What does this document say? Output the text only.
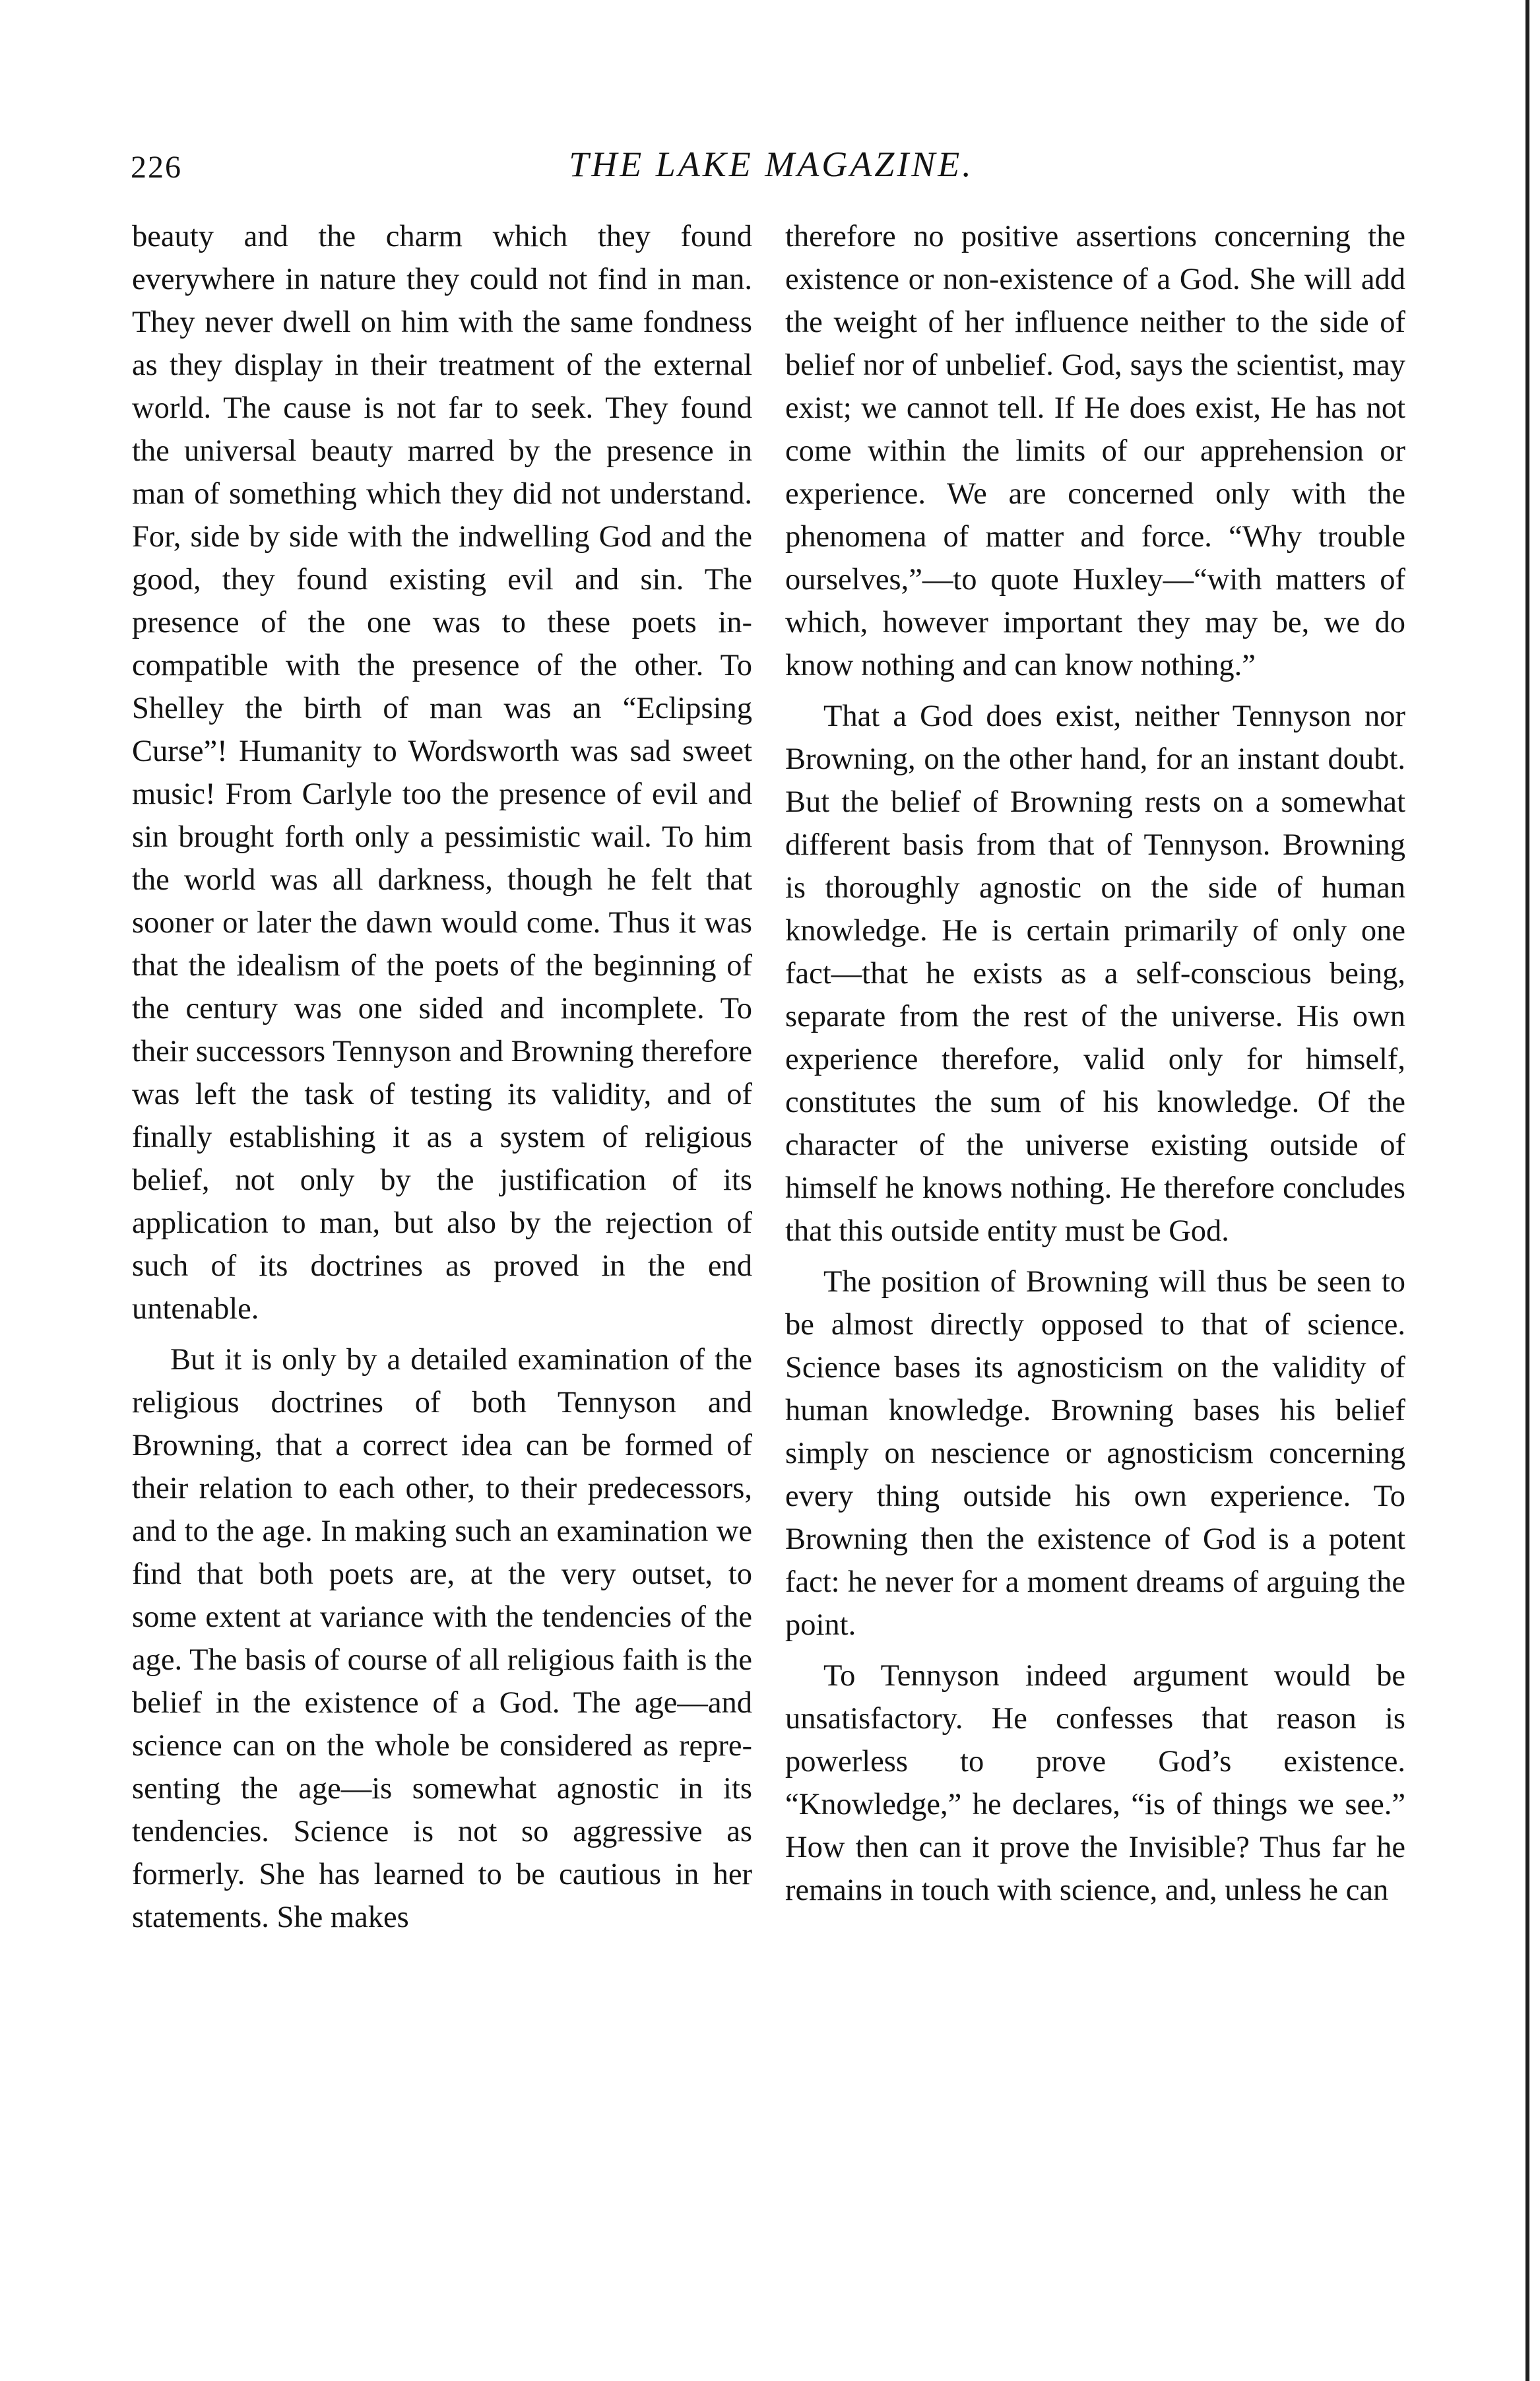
226	THE LAKE MAGAZINE.

beauty and the charm which they found everywhere in nature they could not find in man. They never dwell on him with the same fondness as they display in their treatment of the external world. The cause is not far to seek. They found the universal beauty marred by the presence in man of something which they did not understand. For, side by side with the indwelling God and the good, they found existing evil and sin. The presence of the one was to these poets incompatible with the presence of the other. To Shelley the birth of man was an “Eclipsing Curse”! Humanity to Wordsworth was sad sweet music! From Carlyle too the presence of evil and sin brought forth only a pessimistic wail. To him the world was all darkness, though he felt that sooner or later the dawn would come. Thus it was that the idealism of the poets of the beginning of the century was one sided and incomplete. To their successors Tennyson and Browning therefore was left the task of testing its validity, and of finally establishing it as a system of religious belief, not only by the justification of its application to man, but also by the rejection of such of its doctrines as proved in the end untenable.

But it is only by a detailed examination of the religious doctrines of both Tennyson and Browning, that a correct idea can be formed of their relation to each other, to their predecessors, and to the age. In making such an examination we find that both poets are, at the very outset, to some extent at variance with the tendencies of the age. The basis of course of all religious faith is the belief in the existence of a God. The age—and science can on the whole be considered as representing the age—is somewhat agnostic in its tendencies. Science is not so aggressive as formerly. She has learned to be cautious in her statements. She makes

therefore no positive assertions concerning the existence or non-existence of a God. She will add the weight of her influence neither to the side of belief nor of unbelief. God, says the scientist, may exist; we cannot tell. If He does exist, He has not come within the limits of our apprehension or experience. We are concerned only with the phenomena of matter and force. “Why trouble ourselves,”—to quote Huxley—“with matters of which, however important they may be, we do know nothing and can know nothing.”

That a God does exist, neither Tennyson nor Browning, on the other hand, for an instant doubt. But the belief of Browning rests on a somewhat different basis from that of Tennyson. Browning is thoroughly agnostic on the side of human knowledge. He is certain primarily of only one fact—that he exists as a self-conscious being, separate from the rest of the universe. His own experience therefore, valid only for himself, constitutes the sum of his knowledge. Of the character of the universe existing outside of himself he knows nothing. He therefore concludes that this outside entity must be God.

The position of Browning will thus be seen to be almost directly opposed to that of science. Science bases its agnosticism on the validity of human knowledge. Browning bases his belief simply on nescience or agnosticism concerning every thing outside his own experience. To Browning then the existence of God is a potent fact: he never for a moment dreams of arguing the point.

To Tennyson indeed argument would be unsatisfactory. He confesses that reason is powerless to prove God’s existence. “Knowledge,” he declares, “is of things we see.” How then can it prove the Invisible? Thus far he remains in touch with science, and, unless he can
